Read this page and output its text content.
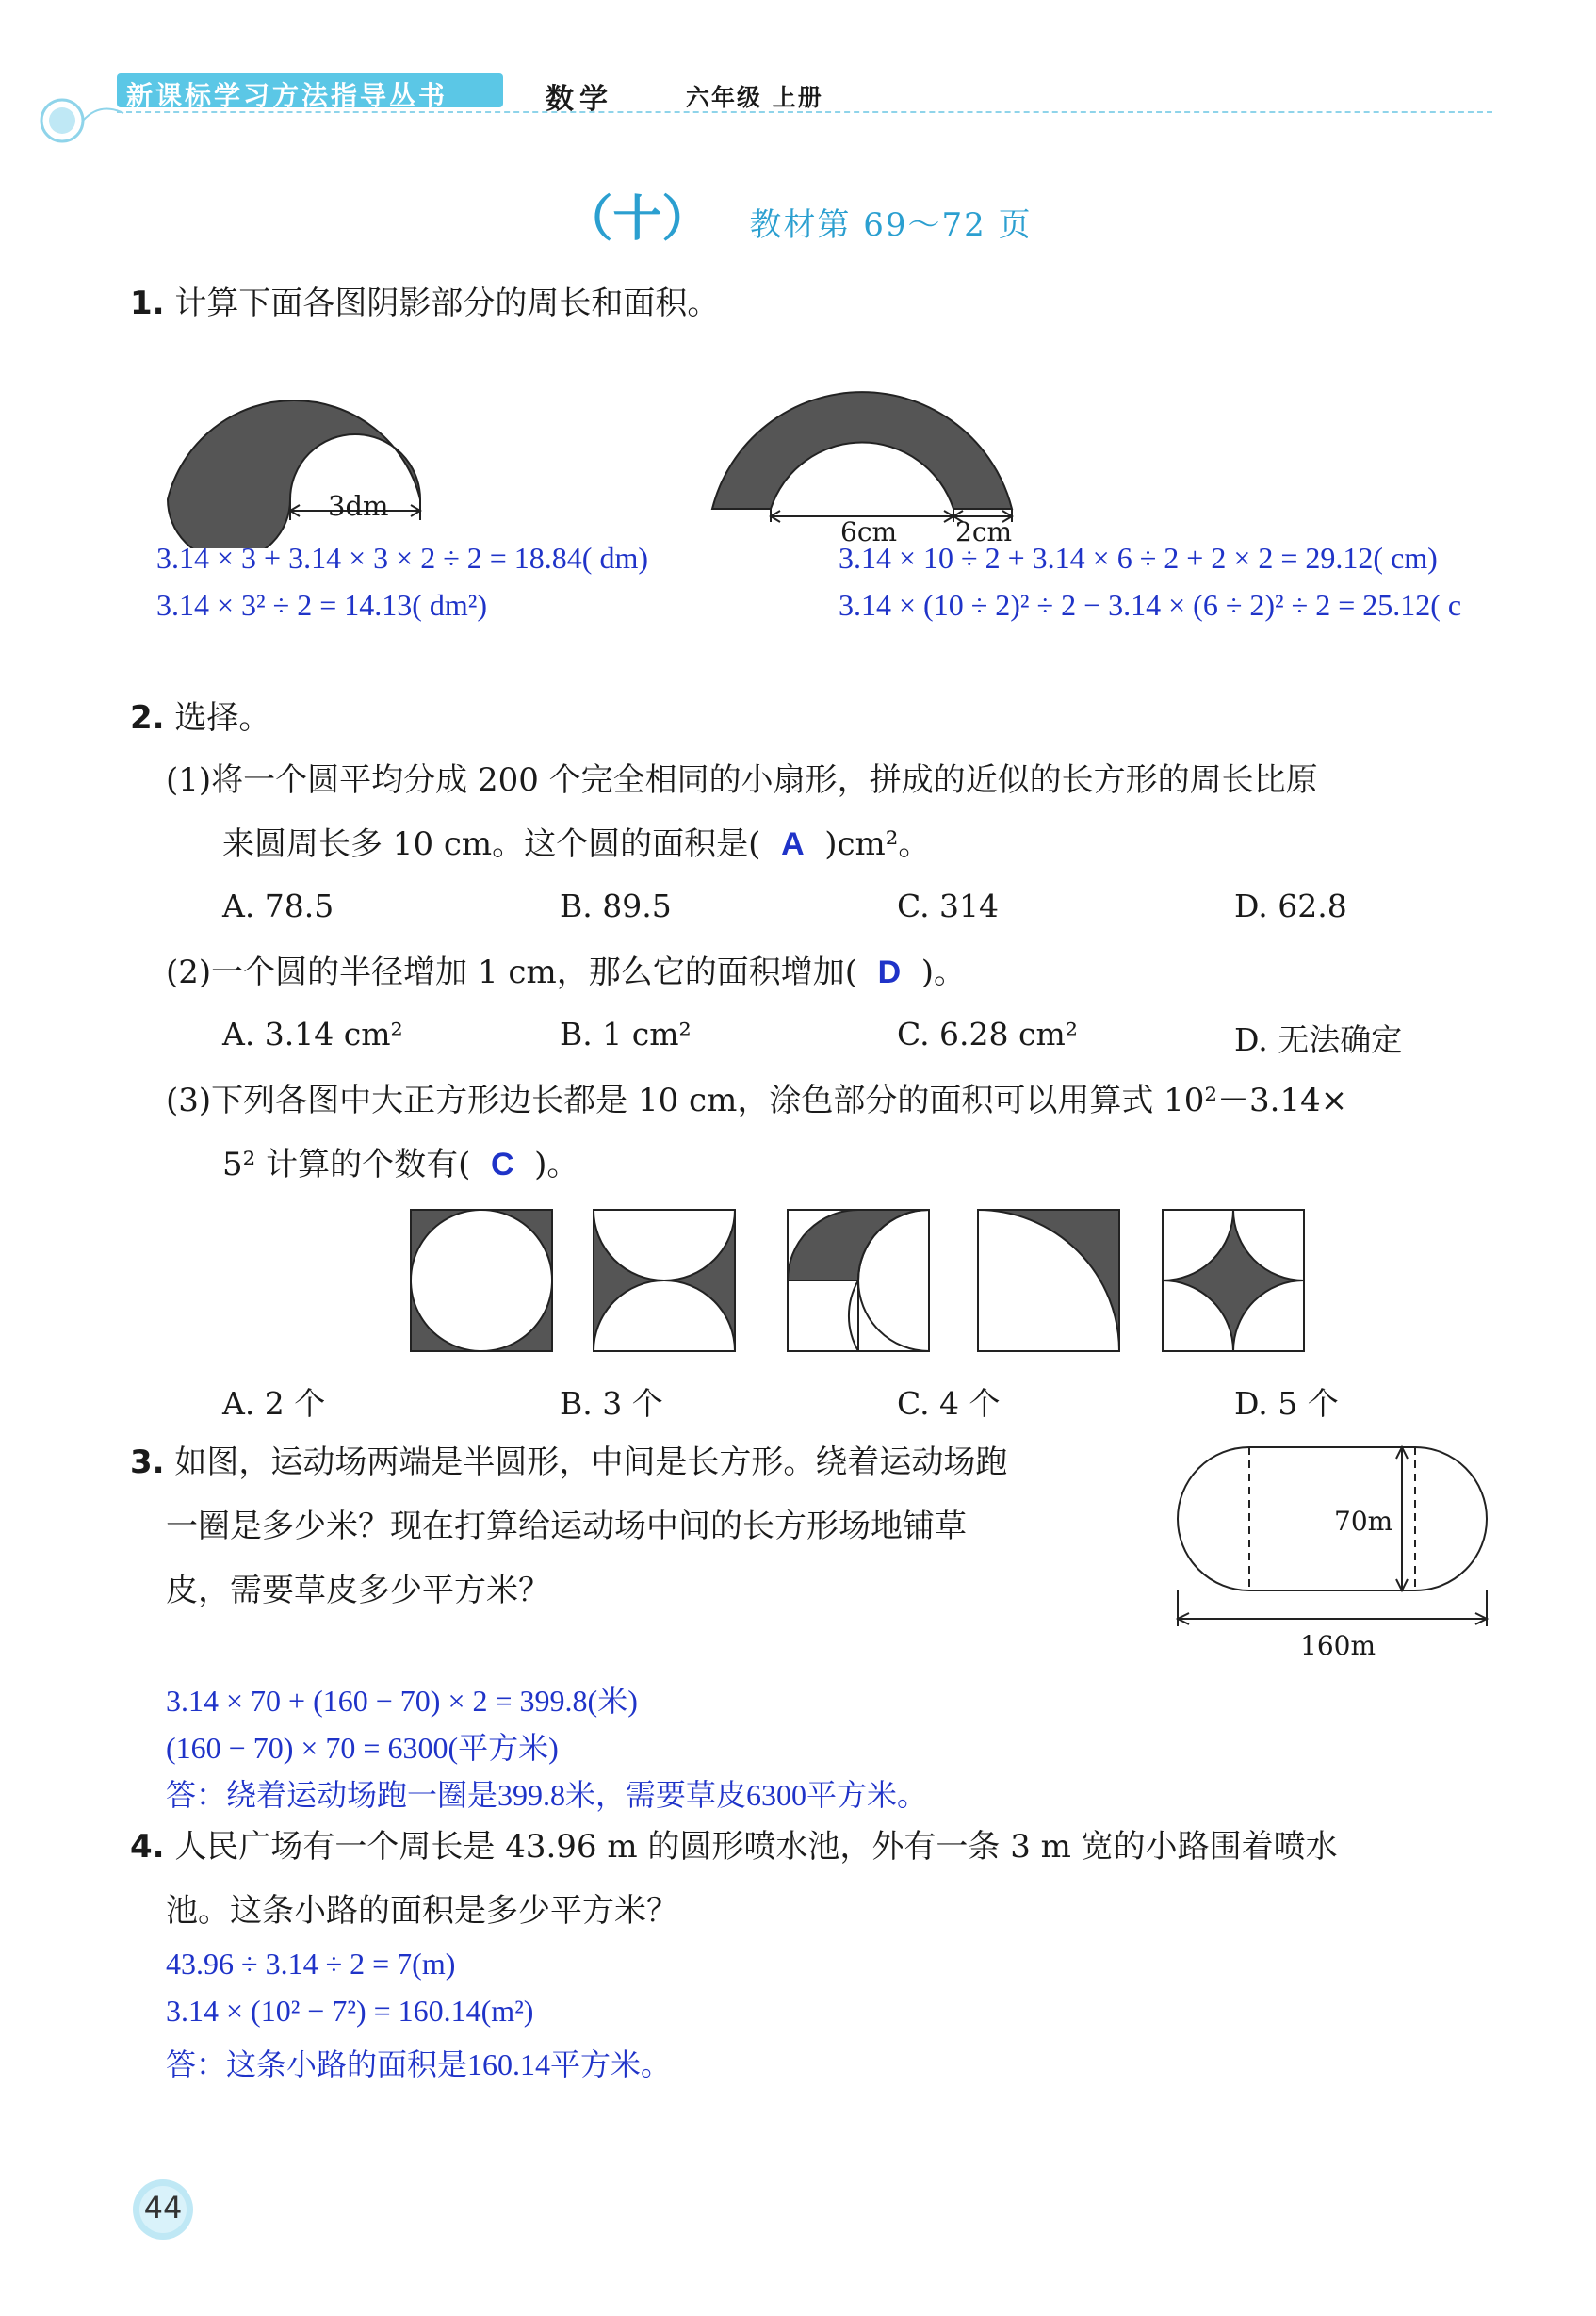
新课标学习方法指导丛书	数学	六年级 上册
（十） 教材第 69～72 页
1. 计算下面各图阴影部分的周长和面积。
3dm
6cm 2cm
3.14 × 3 + 3.14 × 3 × 2 ÷ 2 = 18.84( dm)
3.14 × 3² ÷ 2 = 14.13( dm²)
3.14 × 10 ÷ 2 + 3.14 × 6 ÷ 2 + 2 × 2 = 29.12( cm)
3.14 × (10 ÷ 2)² ÷ 2 − 3.14 × (6 ÷ 2)² ÷ 2 = 25.12( c
2. 选择。
(1)将一个圆平均分成 200 个完全相同的小扇形，拼成的近似的长方形的周长比原
来圆周长多 10 cm。这个圆的面积是( A )cm²。
A. 78.5	B. 89.5	C. 314	D. 62.8
(2)一个圆的半径增加 1 cm，那么它的面积增加( D )。
A. 3.14 cm²	B. 1 cm²	C. 6.28 cm²	D. 无法确定
(3)下列各图中大正方形边长都是 10 cm，涂色部分的面积可以用算式 10²－3.14×
5² 计算的个数有( C )。
A. 2 个	B. 3 个	C. 4 个	D. 5 个
3. 如图，运动场两端是半圆形，中间是长方形。绕着运动场跑
一圈是多少米？现在打算给运动场中间的长方形场地铺草
皮，需要草皮多少平方米？
70m
160m
3.14 × 70 + (160 − 70) × 2 = 399.8(米)
(160 − 70) × 70 = 6300(平方米)
答：绕着运动场跑一圈是399.8米，需要草皮6300平方米。
4. 人民广场有一个周长是 43.96 m 的圆形喷水池，外有一条 3 m 宽的小路围着喷水
池。这条小路的面积是多少平方米？
43.96 ÷ 3.14 ÷ 2 = 7(m)
3.14 × (10² − 7²) = 160.14(m²)
答：这条小路的面积是160.14平方米。
44
